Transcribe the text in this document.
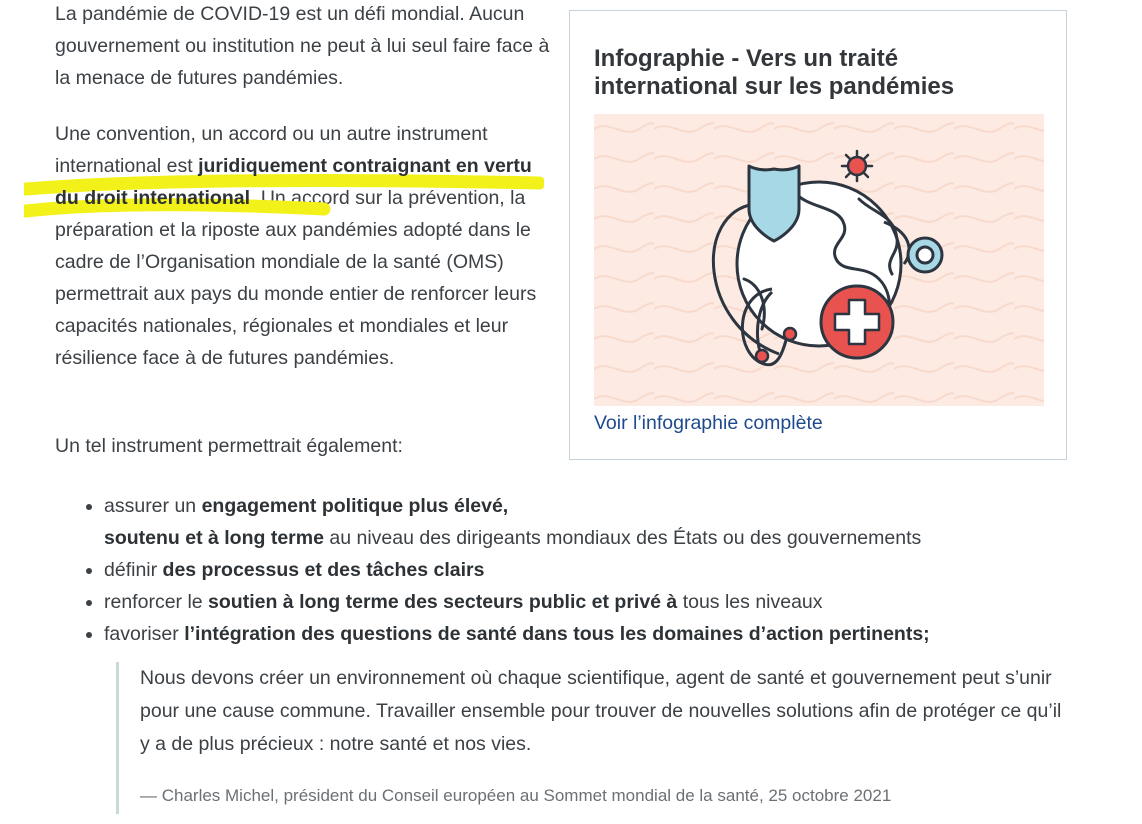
La pandémie de COVID-19 est un défi mondial. Aucun gouvernement ou institution ne peut à lui seul faire face à la menace de futures pandémies.

Une convention, un accord ou un autre instrument international est
juridiquement contraignant en vertu du droit international. Un accord sur la prévention, la préparation et la riposte aux pandémies adopté dans le cadre de l’Organisation mondiale de la santé (OMS) permettrait aux pays du monde entier de renforcer leurs capacités nationales, régionales et mondiales et leur résilience face à de futures pandémies.

Un tel instrument permettrait également:

Infographie - Vers un traité international sur les pandémies
Voir l’infographie complète
• assurer un engagement politique plus élevé,
soutenu et à long terme au niveau des dirigeants mondiaux des États ou des gouvernements
• définir des processus et des tâches clairs
• renforcer le soutien à long terme des secteurs public et privé à tous les niveaux
• favoriser l’intégration des questions de santé dans tous les domaines d’action pertinents;

Nous devons créer un environnement où chaque scientifique, agent de santé et gouvernement peut s’unir pour une cause commune. Travailler ensemble pour trouver de nouvelles solutions afin de protéger ce qu’il y a de plus précieux : notre santé et nos vies.

— Charles Michel, président du Conseil européen au Sommet mondial de la santé, 25 octobre 2021
